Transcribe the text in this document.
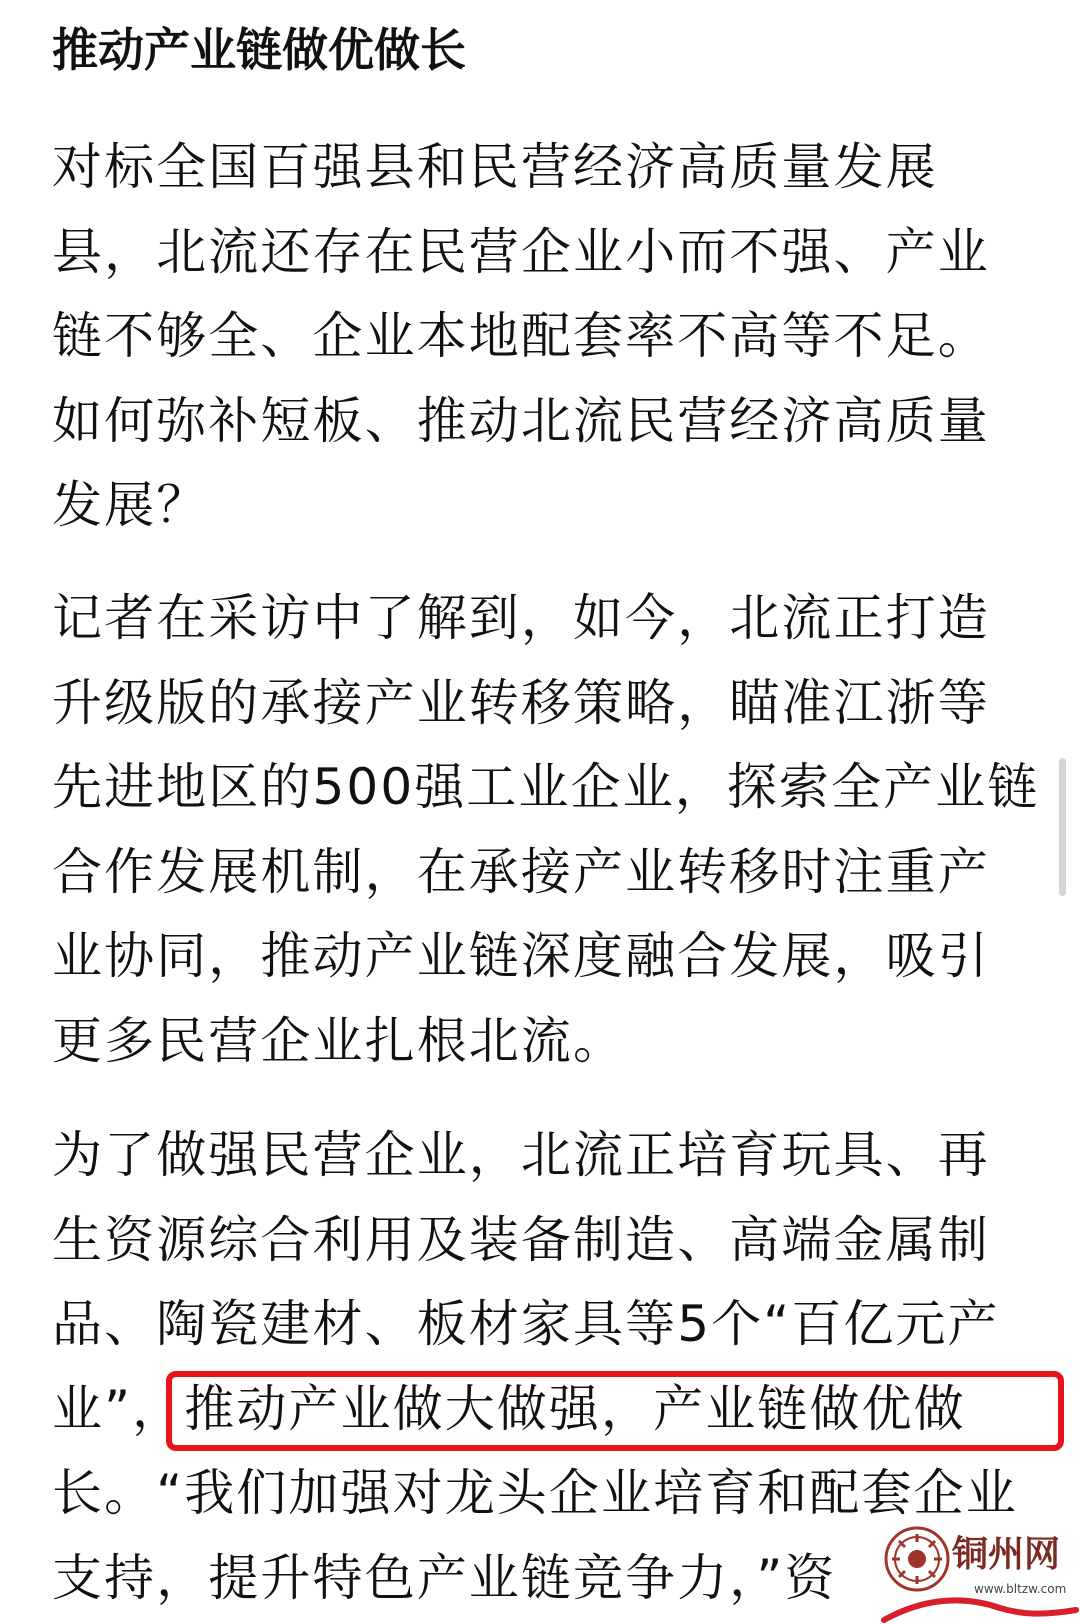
推动产业链做优做长

对标全国百强县和民营经济高质量发展
县，北流还存在民营企业小而不强、产业
链不够全、企业本地配套率不高等不足。
如何弥补短板、推动北流民营经济高质量
发展？

记者在采访中了解到，如今，北流正打造
升级版的承接产业转移策略，瞄准江浙等
先进地区的500强工业企业，探索全产业链
合作发展机制，在承接产业转移时注重产
业协同，推动产业链深度融合发展，吸引
更多民营企业扎根北流。

为了做强民营企业，北流正培育玩具、再
生资源综合利用及装备制造、高端金属制
品、陶瓷建材、板材家具等5个“百亿元产
业”，推动产业做大做强，产业链做优做
长。“我们加强对龙头企业培育和配套企业
支持，提升特色产业链竞争力，”资	铜州网
www.bltzw.com
